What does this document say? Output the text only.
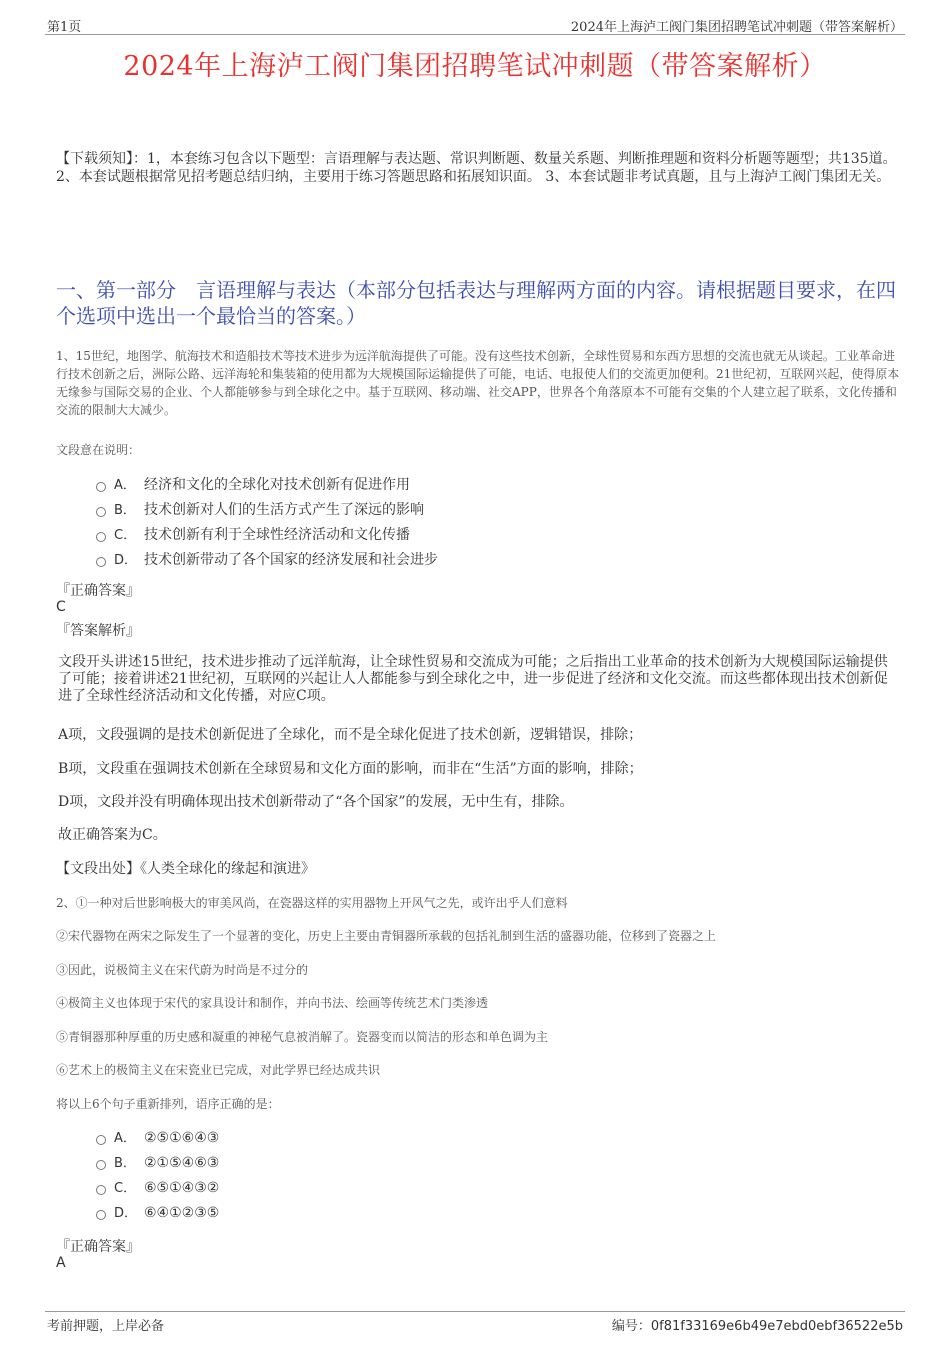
第1页	2024年上海泸工阀门集团招聘笔试冲刺题（带答案解析）
2024年上海泸工阀门集团招聘笔试冲刺题（带答案解析）
【下载须知】：1，本套练习包含以下题型：言语理解与表达题、常识判断题、数量关系题、判断推理题和资料分析题等题型；共135道。 2、本套试题根据常见招考题总结归纳，主要用于练习答题思路和拓展知识面。 3、本套试题非考试真题，且与上海泸工阀门集团无关。
一、第一部分　言语理解与表达（本部分包括表达与理解两方面的内容。请根据题目要求，在四个选项中选出一个最恰当的答案。）
1、15世纪，地图学、航海技术和造船技术等技术进步为远洋航海提供了可能。没有这些技术创新，全球性贸易和东西方思想的交流也就无从谈起。工业革命进行技术创新之后，洲际公路、远洋海轮和集装箱的使用都为大规模国际运输提供了可能，电话、电报使人们的交流更加便利。21世纪初，互联网兴起，使得原本无缘参与国际交易的企业、个人都能够参与到全球化之中。基于互联网、移动端、社交APP，世界各个角落原本不可能有交集的个人建立起了联系，文化传播和交流的限制大大减少。
文段意在说明：
A． 经济和文化的全球化对技术创新有促进作用
B． 技术创新对人们的生活方式产生了深远的影响
C． 技术创新有利于全球性经济活动和文化传播
D． 技术创新带动了各个国家的经济发展和社会进步
『正确答案』
C
『答案解析』
文段开头讲述15世纪，技术进步推动了远洋航海，让全球性贸易和交流成为可能；之后指出工业革命的技术创新为大规模国际运输提供了可能；接着讲述21世纪初，互联网的兴起让人人都能参与到全球化之中，进一步促进了经济和文化交流。而这些都体现出技术创新促进了全球性经济活动和文化传播，对应C项。
A项，文段强调的是技术创新促进了全球化，而不是全球化促进了技术创新，逻辑错误，排除；
B项，文段重在强调技术创新在全球贸易和文化方面的影响，而非在“生活”方面的影响，排除；
D项，文段并没有明确体现出技术创新带动了“各个国家”的发展，无中生有，排除。
故正确答案为C。
【文段出处】《人类全球化的缘起和演进》
2、①一种对后世影响极大的审美风尚，在瓷器这样的实用器物上开风气之先，或许出乎人们意料
②宋代器物在两宋之际发生了一个显著的变化，历史上主要由青铜器所承载的包括礼制到生活的盛器功能，位移到了瓷器之上
③因此，说极简主义在宋代蔚为时尚是不过分的
④极简主义也体现于宋代的家具设计和制作，并向书法、绘画等传统艺术门类渗透
⑤青铜器那种厚重的历史感和凝重的神秘气息被消解了。瓷器变而以简洁的形态和单色调为主
⑥艺术上的极简主义在宋瓷业已完成，对此学界已经达成共识
将以上6个句子重新排列，语序正确的是：
A． ②⑤①⑥④③
B． ②①⑤④⑥③
C． ⑥⑤①④③②
D． ⑥④①②③⑤
『正确答案』
A
考前押题，上岸必备	编号：0f81f33169e6b49e7ebd0ebf36522e5b
